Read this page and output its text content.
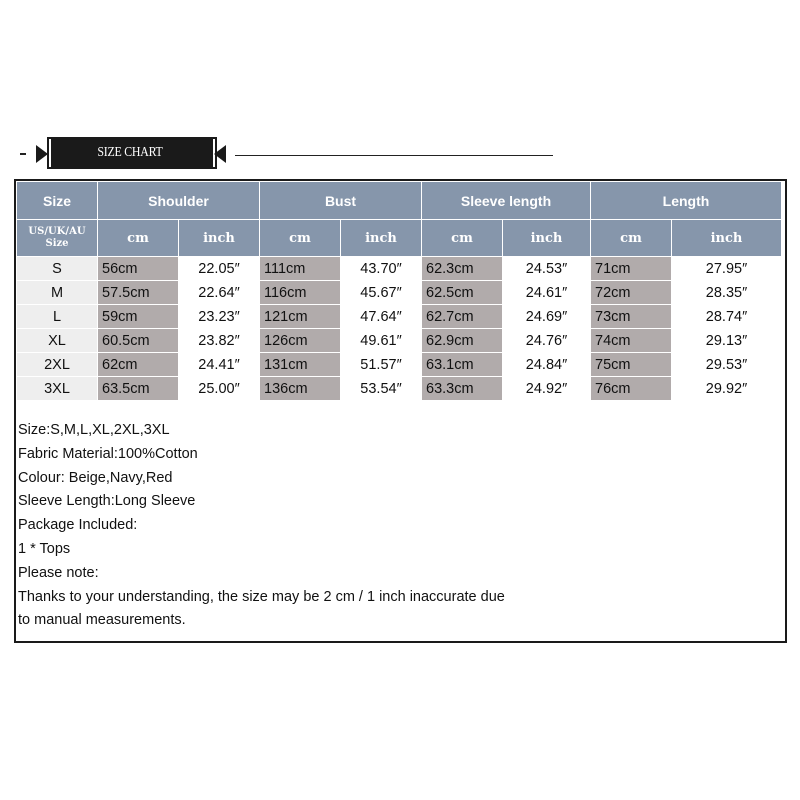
SIZE CHART
Size	Shoulder		Bust		Sleeve length		Length	
US/UK/AU Size	cm	inch	cm	inch	cm	inch	cm	inch
S	56cm	22.05″	111cm	43.70″	62.3cm	24.53″	71cm	27.95″
M	57.5cm	22.64″	116cm	45.67″	62.5cm	24.61″	72cm	28.35″
L	59cm	23.23″	121cm	47.64″	62.7cm	24.69″	73cm	28.74″
XL	60.5cm	23.82″	126cm	49.61″	62.9cm	24.76″	74cm	29.13″
2XL	62cm	24.41″	131cm	51.57″	63.1cm	24.84″	75cm	29.53″
3XL	63.5cm	25.00″	136cm	53.54″	63.3cm	24.92″	76cm	29.92″
Size:S,M,L,XL,2XL,3XL
Fabric Material:100%Cotton
Colour: Beige,Navy,Red
Sleeve Length:Long Sleeve
Package Included:
1 * Tops
Please note:
Thanks to your understanding, the size may be 2 cm / 1 inch inaccurate due
to manual measurements.
